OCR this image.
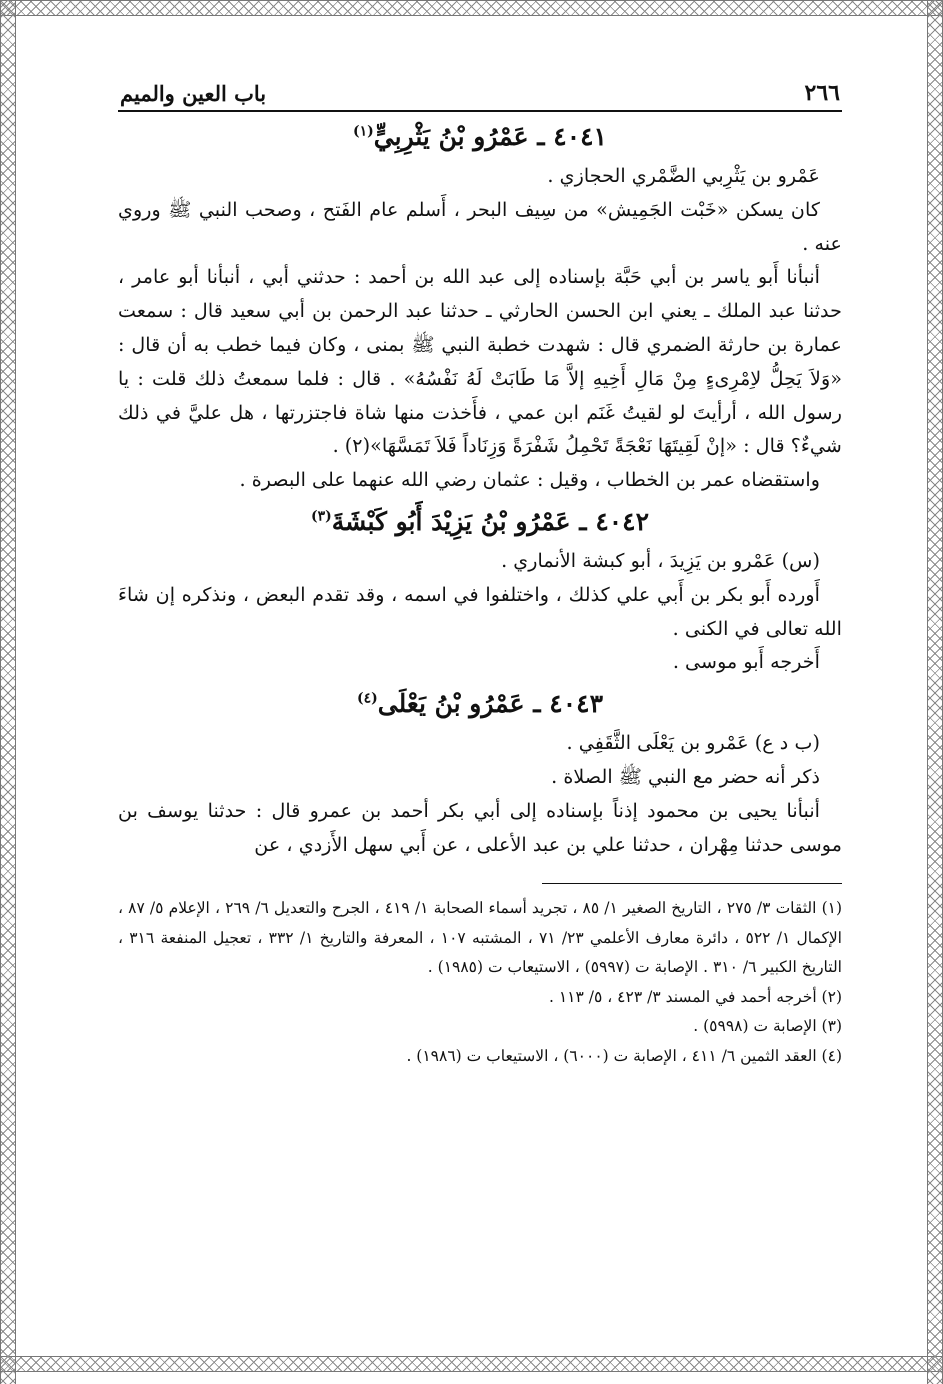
٢٦٦
باب العين والميم
٤٠٤١ ـ عَمْرُو بْنُ يَثْرِبِيٍّ$^{(١)}$

عَمْرو بن يَثْرِبي الضَّمْري الحجازي .

كان يسكن «خَبْت الجَمِيش» من سِيف البحر ، أَسلم عام الفَتح ، وصحب النبي ﷺ وروي عنه .

أنبأنا أَبو ياسر بن أبي حَبَّة بإسناده إلى عبد الله بن أحمد : حدثني أبي ، أنبأنا أبو عامر ، حدثنا عبد الملك ـ يعني ابن الحسن الحارثي ـ حدثنا عبد الرحمن بن أبي سعيد قال : سمعت عمارة بن حارثة الضمري قال : شهدت خطبة النبي ﷺ بمنى ، وكان فيما خطب به أن قال : «وَلاَ يَحِلُّ لاِمْرِىءٍ مِنْ مَالِ أَخِيهِ إلاَّ مَا طَابَتْ لَهُ نَفْسُهُ» . قال : فلما سمعتُ ذلك قلت : يا رسول الله ، أرأيتَ لو لقيتُ غَنَم ابن عمي ، فأَخذت منها شاة فاجتزرتها ، هل عليَّ في ذلك شيءٌ؟ قال : «إنْ لَقِيتَهَا نَعْجَةً تَحْمِلُ شَفْرَةً وَزِنَاداً فَلاَ تَمَسَّهَا»(٢) .

واستقضاه عمر بن الخطاب ، وقيل : عثمان رضي الله عنهما على البصرة .

٤٠٤٢ ـ عَمْرُو بْنُ يَزِيْدَ أَبُو كَبْشَةَ$^{(٣)}$

(س) عَمْرو بن يَزِيدَ ، أبو كبشة الأنماري .

أَورده أَبو بكر بن أَبي علي كذلك ، واختلفوا في اسمه ، وقد تقدم البعض ، ونذكره إن شاءَ الله تعالى في الكنى .

أَخرجه أَبو موسى .

٤٠٤٣ ـ عَمْرُو بْنُ يَعْلَى$^{(٤)}$

(ب د ع) عَمْرو بن يَعْلَى الثَّقَفِي .

ذكر أنه حضر مع النبي ﷺ الصلاة .

أنبأنا يحيى بن محمود إذناً بإسناده إلى أبي بكر أحمد بن عمرو قال : حدثنا يوسف بن موسى حدثنا مِهْران ، حدثنا علي بن عبد الأعلى ، عن أَبي سهل الأَزدي ، عن

(١) الثقات ٣/ ٢٧٥ ، التاريخ الصغير ١/ ٨٥ ، تجريد أسماء الصحابة ١/ ٤١٩ ، الجرح والتعديل ٦/ ٢٦٩ ، الإعلام ٥/ ٨٧ ، الإكمال ١/ ٥٢٢ ، دائرة معارف الأعلمي ٢٣/ ٧١ ، المشتبه ١٠٧ ، المعرفة والتاريخ ١/ ٣٣٢ ، تعجيل المنفعة ٣١٦ ، التاريخ الكبير ٦/ ٣١٠ . الإصابة ت (٥٩٩٧) ، الاستيعاب ت (١٩٨٥) .

(٢) أخرجه أحمد في المسند ٣/ ٤٢٣ ، ٥/ ١١٣ .

(٣) الإصابة ت (٥٩٩٨) .

(٤) العقد الثمين ٦/ ٤١١ ، الإصابة ت (٦٠٠٠) ، الاستيعاب ت (١٩٨٦) .
